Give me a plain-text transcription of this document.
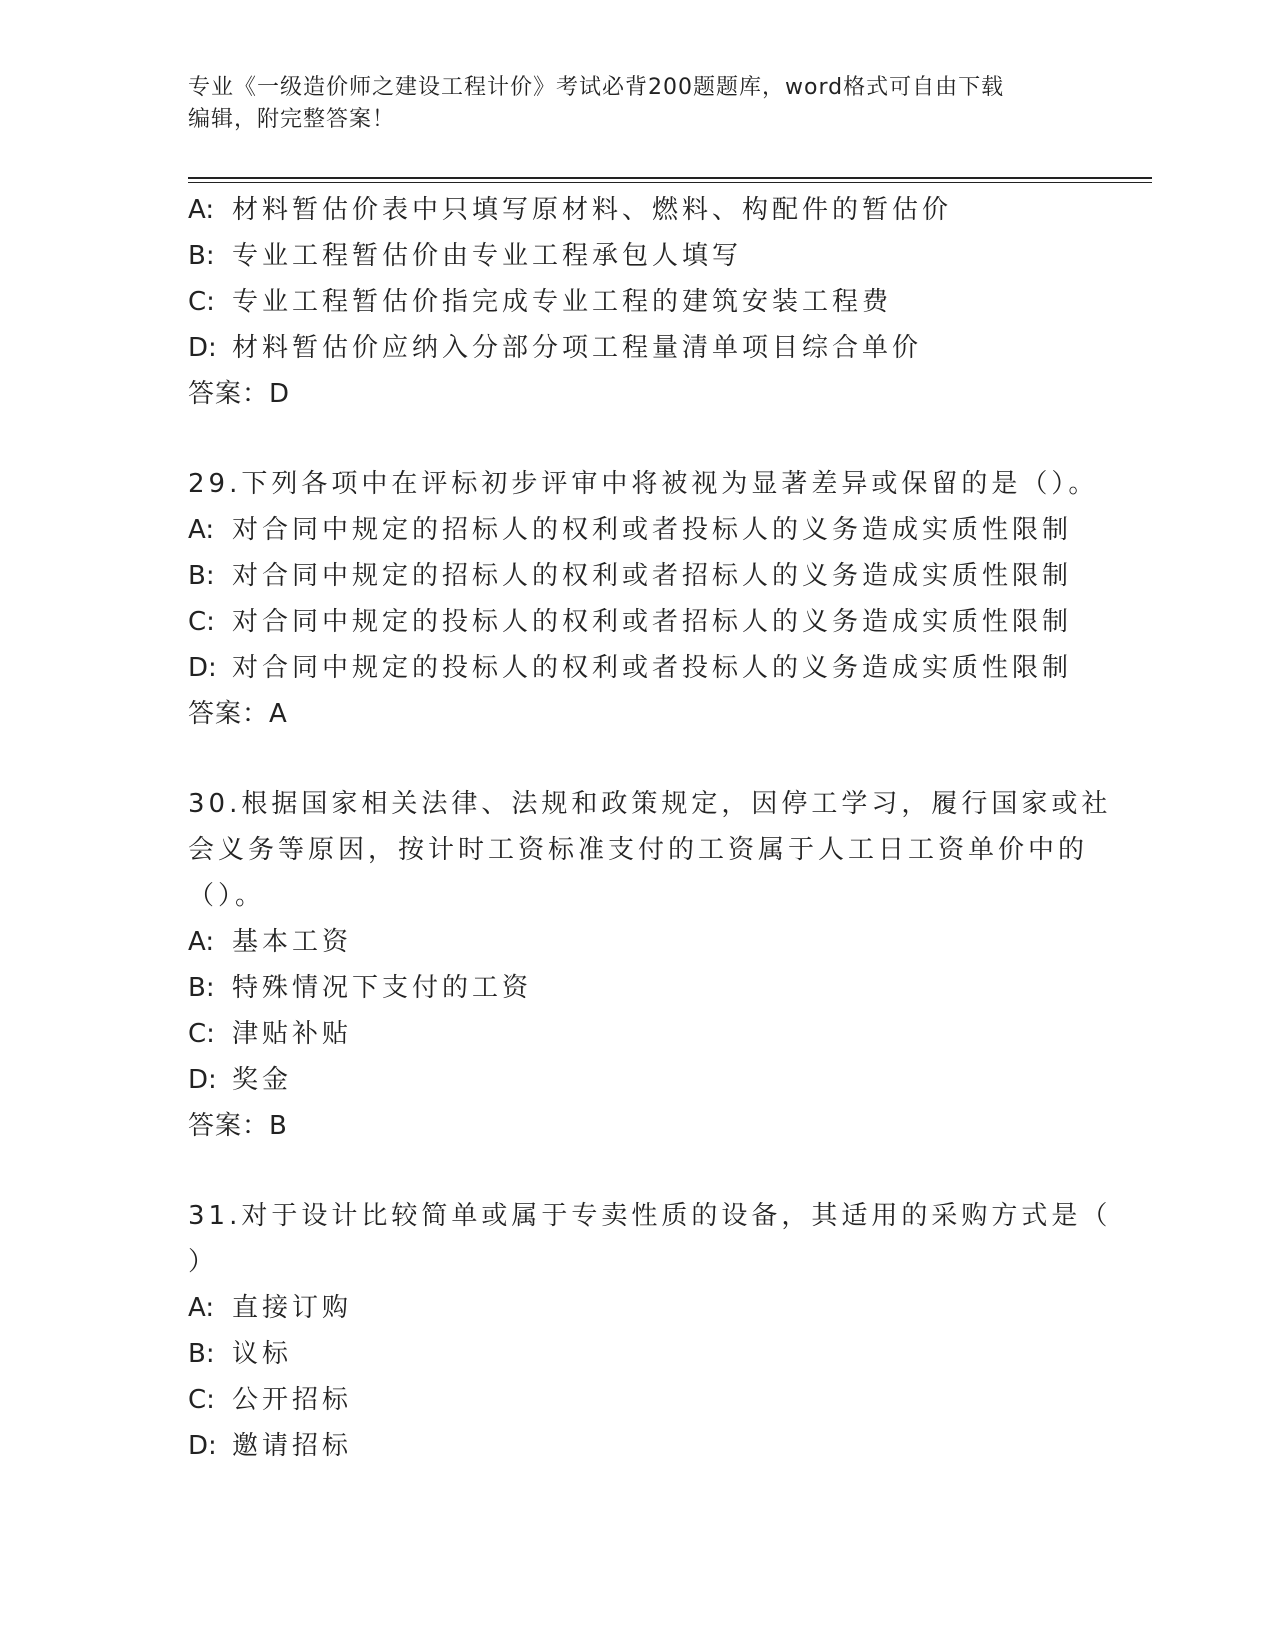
专业《一级造价师之建设工程计价》考试必背200题题库，word格式可自由下载
编辑，附完整答案！
A: 材料暂估价表中只填写原材料、燃料、构配件的暂估价
B: 专业工程暂估价由专业工程承包人填写
C: 专业工程暂估价指完成专业工程的建筑安装工程费
D: 材料暂估价应纳入分部分项工程量清单项目综合单价
答案：D
29.下列各项中在评标初步评审中将被视为显著差异或保留的是（）。
A: 对合同中规定的招标人的权利或者投标人的义务造成实质性限制
B: 对合同中规定的招标人的权利或者招标人的义务造成实质性限制
C: 对合同中规定的投标人的权利或者招标人的义务造成实质性限制
D: 对合同中规定的投标人的权利或者投标人的义务造成实质性限制
答案：A
30.根据国家相关法律、法规和政策规定，因停工学习，履行国家或社
会义务等原因，按计时工资标准支付的工资属于人工日工资单价中的
（）。
A: 基本工资
B: 特殊情况下支付的工资
C: 津贴补贴
D: 奖金
答案：B
31.对于设计比较简单或属于专卖性质的设备，其适用的采购方式是（
）
A: 直接订购
B: 议标
C: 公开招标
D: 邀请招标
